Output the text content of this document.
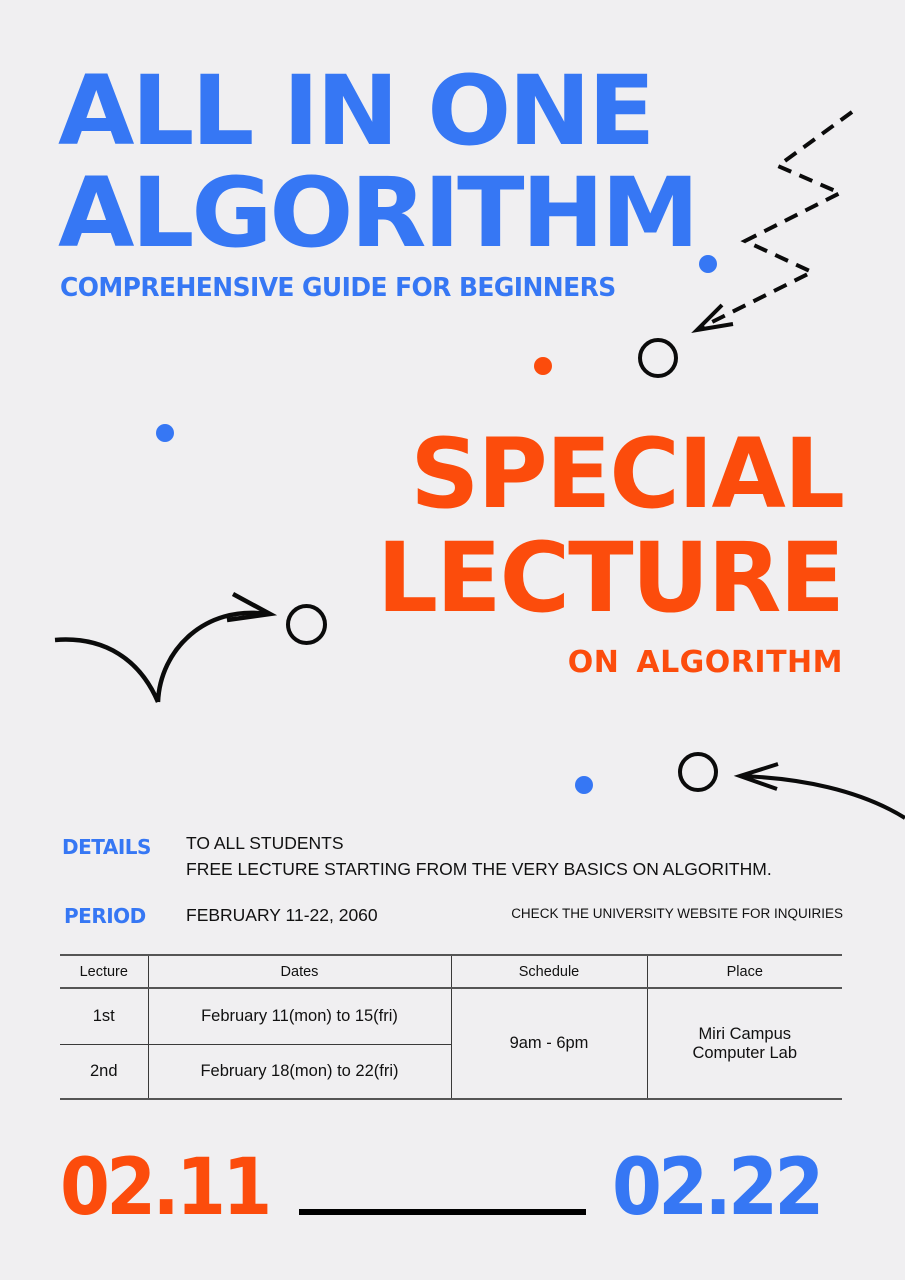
ALL IN ONE
ALGORITHM
COMPREHENSIVE GUIDE FOR BEGINNERS
SPECIAL
LECTURE
ON ALGORITHM
DETAILS TO ALL STUDENTS
FREE LECTURE STARTING FROM THE VERY BASICS ON ALGORITHM.
PERIOD FEBRUARY 11-22, 2060	CHECK THE UNIVERSITY WEBSITE FOR INQUIRIES
Lecture	Dates	Schedule	Place
1st	February 11(mon) to 15(fri)	9am - 6pm	Miri Campus
Computer Lab

2nd	February 18(mon) to 22(fri)		
02.11	02.22
